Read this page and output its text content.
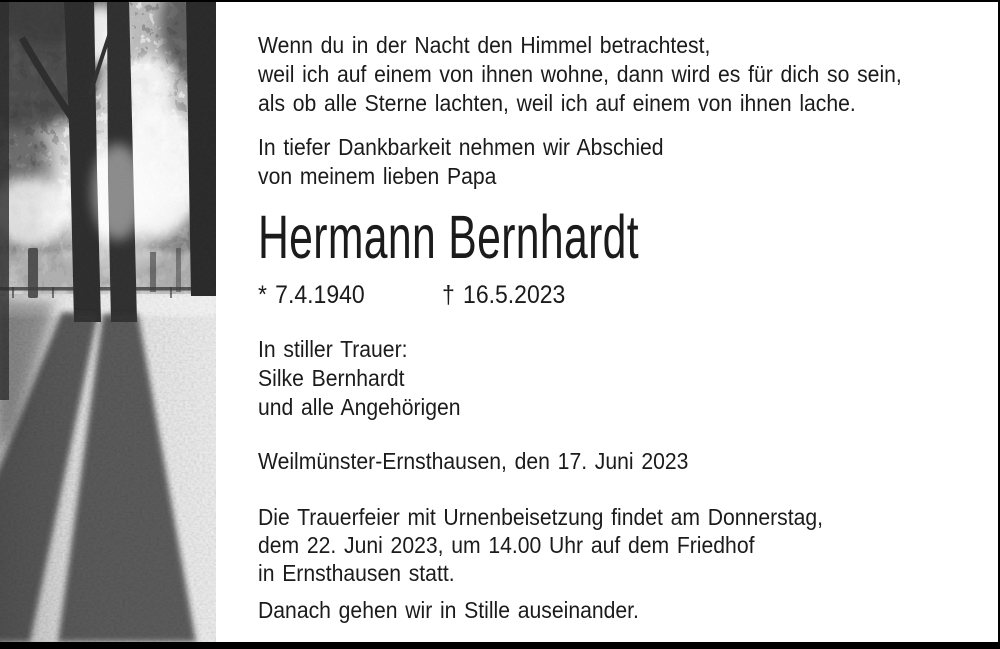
Wenn du in der Nacht den Himmel betrachtest,
weil ich auf einem von ihnen wohne, dann wird es für dich so sein,
als ob alle Sterne lachten, weil ich auf einem von ihnen lache.
In tiefer Dankbarkeit nehmen wir Abschied
von meinem lieben Papa
Hermann Bernhardt
* 7.4.1940	† 16.5.2023
In stiller Trauer:
Silke Bernhardt
und alle Angehörigen
Weilmünster-Ernsthausen, den 17. Juni 2023
Die Trauerfeier mit Urnenbeisetzung findet am Donnerstag,
dem 22. Juni 2023, um 14.00 Uhr auf dem Friedhof
in Ernsthausen statt.
Danach gehen wir in Stille auseinander.
